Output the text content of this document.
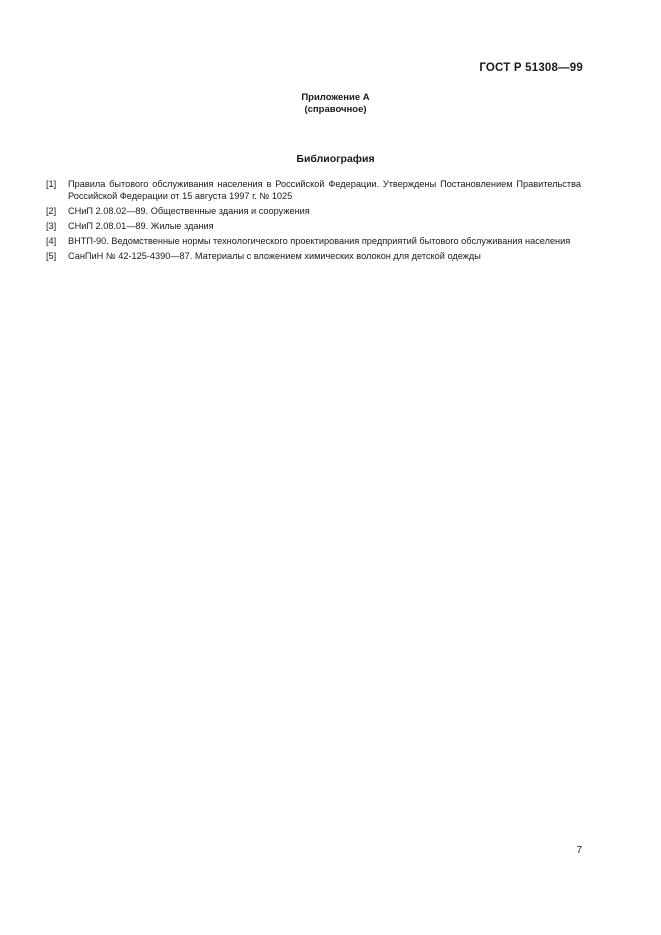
ГОСТ Р 51308—99
Приложение А
(справочное)
Библиография
[1]	Правила бытового обслуживания населения в Российской Федерации. Утверждены Постановлением Правительства Российской Федерации от 15 августа 1997 г. № 1025
[2]	СНиП 2.08.02—89. Общественные здания и сооружения
[3]	СНиП 2.08.01—89. Жилые здания
[4]	ВНТП-90. Ведомственные нормы технологического проектирования предприятий бытового обслуживания населения
[5]	СанПиН № 42-125-4390—87. Материалы с вложением химических волокон для детской одежды
7
